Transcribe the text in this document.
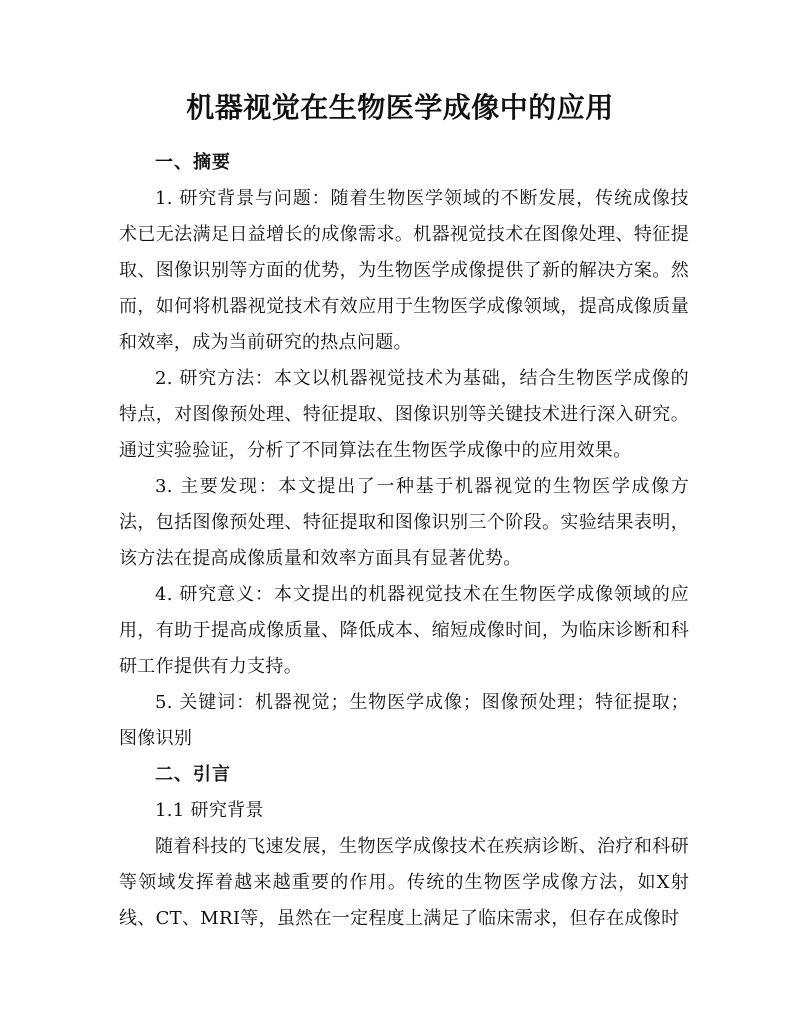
机器视觉在生物医学成像中的应用

一、摘要

1. 研究背景与问题：随着生物医学领域的不断发展，传统成像技术已无法满足日益增长的成像需求。机器视觉技术在图像处理、特征提取、图像识别等方面的优势，为生物医学成像提供了新的解决方案。然而，如何将机器视觉技术有效应用于生物医学成像领域，提高成像质量和效率，成为当前研究的热点问题。

2. 研究方法：本文以机器视觉技术为基础，结合生物医学成像的特点，对图像预处理、特征提取、图像识别等关键技术进行深入研究。通过实验验证，分析了不同算法在生物医学成像中的应用效果。

3. 主要发现：本文提出了一种基于机器视觉的生物医学成像方法，包括图像预处理、特征提取和图像识别三个阶段。实验结果表明，该方法在提高成像质量和效率方面具有显著优势。

4. 研究意义：本文提出的机器视觉技术在生物医学成像领域的应用，有助于提高成像质量、降低成本、缩短成像时间，为临床诊断和科研工作提供有力支持。

5. 关键词：机器视觉；生物医学成像；图像预处理；特征提取；图像识别

二、引言

1.1 研究背景

随着科技的飞速发展，生物医学成像技术在疾病诊断、治疗和科研等领域发挥着越来越重要的作用。传统的生物医学成像方法，如X射线、CT、MRI等，虽然在一定程度上满足了临床需求，但存在成像时
